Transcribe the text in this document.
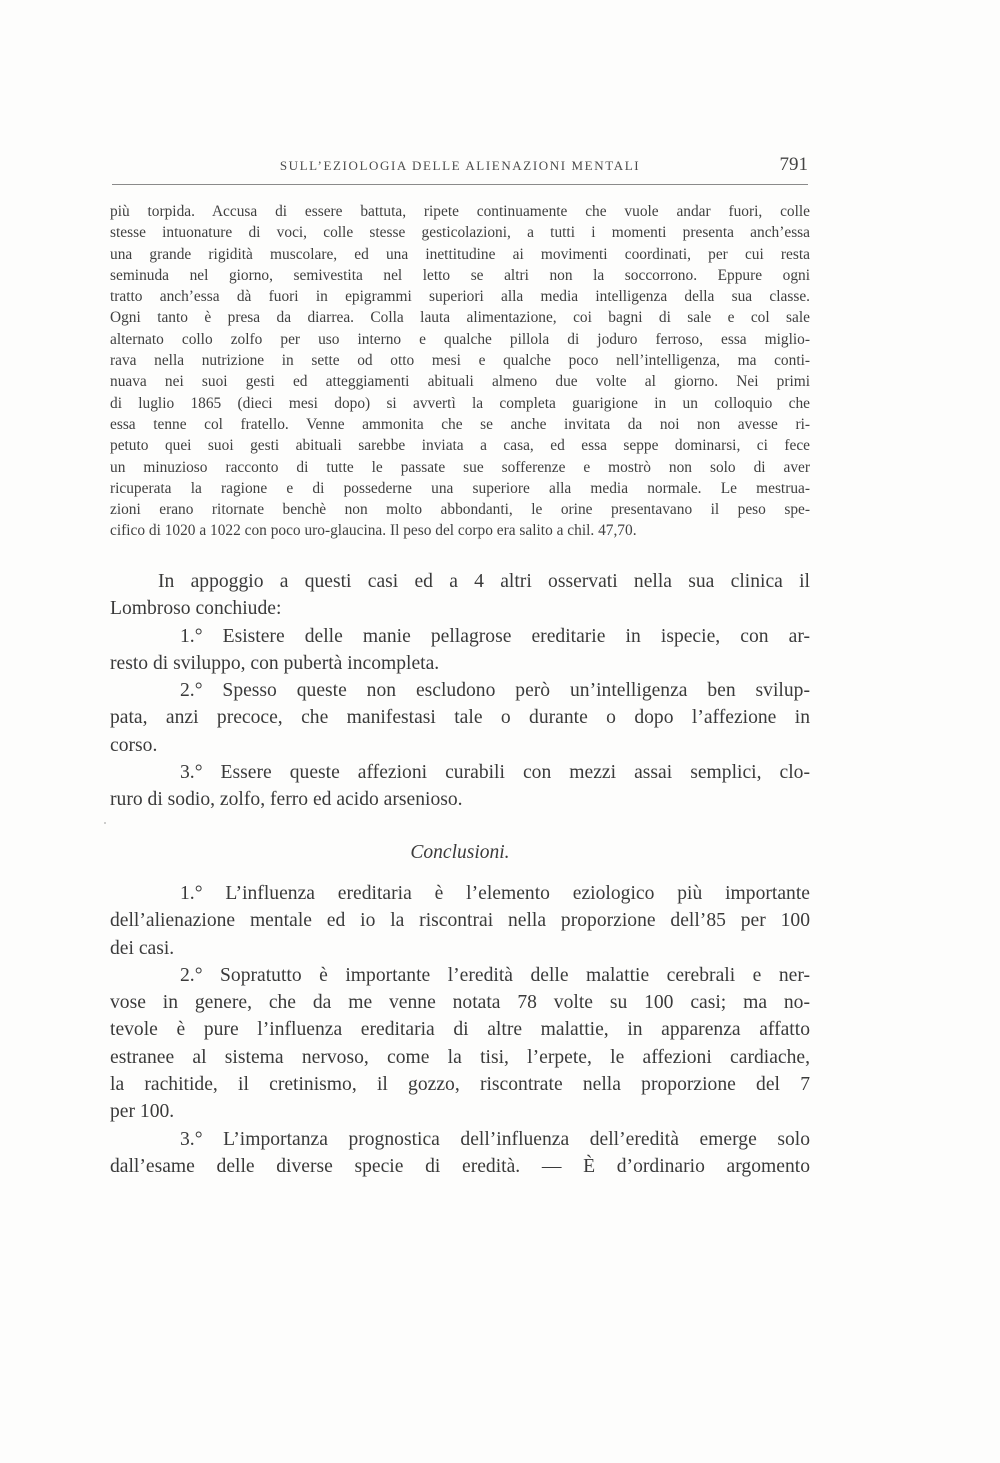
SULL’EZIOLOGIA DELLE ALIENAZIONI MENTALI	791
più torpida. Accusa di essere battuta, ripete continuamente che vuole andar fuori, colle
stesse intuonature di voci, colle stesse gesticolazioni, a tutti i momenti presenta anch’essa
una grande rigidità muscolare, ed una inettitudine ai movimenti coordinati, per cui resta
seminuda nel giorno, semivestita nel letto se altri non la soccorrono. Eppure ogni
tratto anch’essa dà fuori in epigrammi superiori alla media intelligenza della sua classe.
Ogni tanto è presa da diarrea. Colla lauta alimentazione, coi bagni di sale e col sale
alternato collo zolfo per uso interno e qualche pillola di joduro ferroso, essa miglio-
rava nella nutrizione in sette od otto mesi e qualche poco nell’intelligenza, ma conti-
nuava nei suoi gesti ed atteggiamenti abituali almeno due volte al giorno. Nei primi
di luglio 1865 (dieci mesi dopo) si avvertì la completa guarigione in un colloquio che
essa tenne col fratello. Venne ammonita che se anche invitata da noi non avesse ri-
petuto quei suoi gesti abituali sarebbe inviata a casa, ed essa seppe dominarsi, ci fece
un minuzioso racconto di tutte le passate sue sofferenze e mostrò non solo di aver
ricuperata la ragione e di possederne una superiore alla media normale. Le mestrua-
zioni erano ritornate benchè non molto abbondanti, le orine presentavano il peso spe-
cifico di 1020 a 1022 con poco uro-glaucina. Il peso del corpo era salito a chil. 47,70.
In appoggio a questi casi ed a 4 altri osservati nella sua clinica il
Lombroso conchiude:
1.° Esistere delle manie pellagrose ereditarie in ispecie, con ar-
resto di sviluppo, con pubertà incompleta.
2.° Spesso queste non escludono però un’intelligenza ben svilup-
pata, anzi precoce, che manifestasi tale o durante o dopo l’affezione in
corso.
3.° Essere queste affezioni curabili con mezzi assai semplici, clo-
ruro di sodio, zolfo, ferro ed acido arsenioso.
Conclusioni.
1.° L’influenza ereditaria è l’elemento eziologico più importante
dell’alienazione mentale ed io la riscontrai nella proporzione dell’85 per 100
dei casi.
2.° Sopratutto è importante l’eredità delle malattie cerebrali e ner-
vose in genere, che da me venne notata 78 volte su 100 casi; ma no-
tevole è pure l’influenza ereditaria di altre malattie, in apparenza affatto
estranee al sistema nervoso, come la tisi, l’erpete, le affezioni cardiache,
la rachitide, il cretinismo, il gozzo, riscontrate nella proporzione del 7
per 100.
3.° L’importanza prognostica dell’influenza dell’eredità emerge solo
dall’esame delle diverse specie di eredità. — È d’ordinario argomento
